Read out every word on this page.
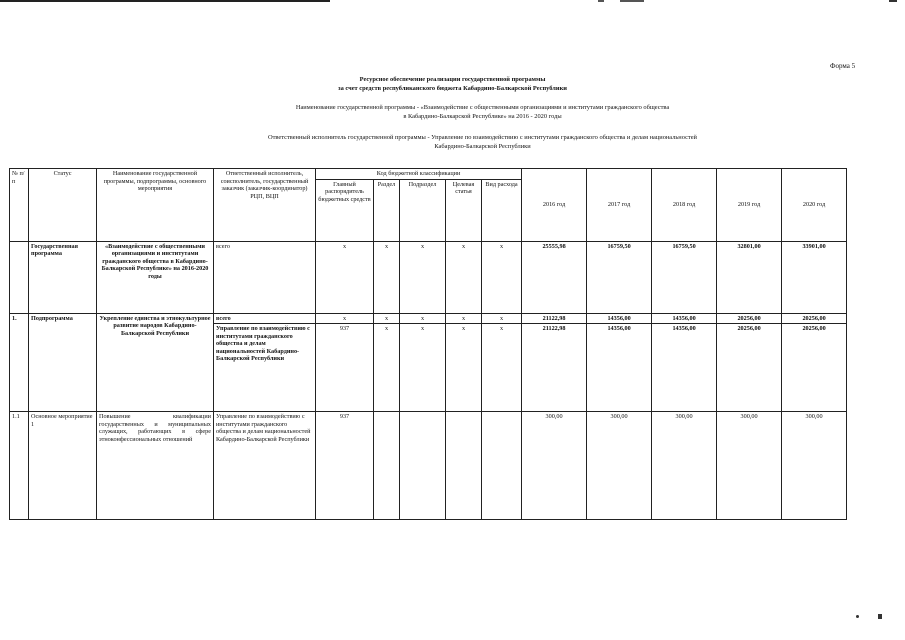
Форма 5
Ресурсное обеспечение реализации государственной программы
за счет средств республиканского бюджета Кабардино-Балкарской Республики
Наименование государственной программы - «Взаимодействие с общественными организациями и институтами гражданского общества
в Кабардино-Балкарской Республике» на 2016 - 2020 годы
Ответственный исполнитель государственной программы - Управление по взаимодействию с институтами гражданского общества и делам национальностей
Кабардино-Балкарской Республики
№ п/п	Статус	Наименование государственной программы, подпрограммы, основного мероприятия	Ответственный исполнитель, соисполнитель, государственный заказчик (заказчик-координатор) РЦП, ВЦП	Код бюджетной классификации					2016 год	2017 год	2018 год	2019 год	2020 год
				Главный распорядитель бюджетных средств	Раздел	Подраздел	Целевая статья	Вид расхода					
	Государственная программа	«Взаимодействие с общественными организациями и институтами гражданского общества в Кабардино-Балкарской Республике» на 2016-2020 годы	всего	х	х	х	х	х	25555,98	16759,50	16759,50	32801,00	33901,00
1.	Подпрограмма	Укрепление единства и этнокультурное развитие народов Кабардино-Балкарской Республики	всего	х	х	х	х	х	21122,98	14356,00	14356,00	20256,00	20256,00
			Управление по взаимодействию с институтами гражданского общества и делам национальностей Кабардино-Балкарской Республики	937	х	х	х	х	21122,98	14356,00	14356,00	20256,00	20256,00
1.1	Основное мероприятие 1	Повышение квалификации государственных и муниципальных служащих, работающих в сфере этноконфессиональных отношений	Управление по взаимодействию с институтами гражданского общества и делам национальностей Кабардино-Балкарской Республики	937					300,00	300,00	300,00	300,00	300,00
